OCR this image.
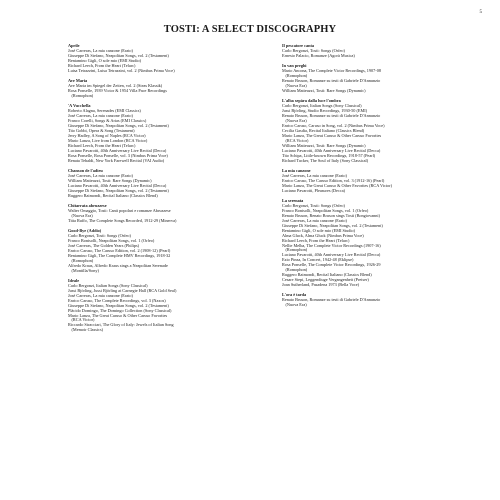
5
TOSTI: A SELECT DISCOGRAPHY
Aprile
José Carreras, La mia canzone (Erato)
Giuseppe Di Stefano, Neapolitan Songs, vol. 2 (Testament)
Beniamino Gigli, O sole mio (EMI Studio)
Richard Leech, From the Heart (Telarc)
Luisa Tetrazzini, Luisa Tetrazzini, vol. 2 (Nimbus Prima Voce)
Ave Maria
Ave Maria im Spiegel der Zeiten, vol. 2 (Sieas Klassik)
Rosa Ponselle, 1939 Victor & 1954 Villa Pace Recordings
(Romophon)
'A Vucchella
Roberto Alagna, Serenades (EMI Classics)
José Carreras, La mia canzone (Erato)
Franco Corelli, Songs & Arias (EMI Classics)
Giuseppe Di Stefano, Neapolitan Songs, vol. 2 (Testament)
Tito Gobbi, Opera & Song (Testament)
Jerry Hadley, A Song of Naples (RCA Victor)
Mario Lanza, Live from London (RCA Victor)
Richard Leech, From the Heart (Telarc)
Luciano Pavarotti, 40th Anniversary Live Recital (Decca)
Rosa Ponselle, Rosa Ponselle, vol. 3 (Nimbus Prima Voce)
Renata Tebaldi, New York Farewell Recital (VAI Audio)
Chanson de l'adieu
José Carreras, La mia canzone (Erato)
William Matteuzzi, Tosti: Rare Songs (Dynamic)
Luciano Pavarotti, 40th Anniversary Live Recital (Decca)
Giuseppe Di Stefano, Neapolitan Songs, vol. 2 (Testament)
Ruggero Raimondi, Recital Italiano (Classics Blend)
Chitarrata abruzzese
Walter Omaggio, Tosti: Canti popolari e romanze Abruzzese
(Nuova Era)
Titta Ruffo, The Complete Songs Recorded, 1912-29 (Minerva)
Good-Bye (Addio)
Carlo Bergonzi, Tosti: Songs (Orfeo)
Franco Bonisolli, Neapolitan Songs, vol. 1 (Orfeo)
José Carreras, The Golden Years (Philips)
Enrico Caruso, The Caruso Edition, vol. 2 (1908-12) (Pearl)
Beniamino Gigli, The Complete HMV Recordings, 1918-32
(Romophon)
Alfredo Kraus, Alfredo Kraus sings a Neapolitan Serenade
(Montilla/Sony)
Ideale
Carlo Bergonzi, Italian Songs (Sony Classical)
Jussi Björling, Jussi Björling at Carnegie Hall (RCA Gold Seal)
José Carreras, La mia canzone (Erato)
Enrico Caruso, The Complete Recordings, vol. 3 (Naxos)
Giuseppe Di Stefano, Neapolitan Songs, vol. 2 (Testament)
Plácido Domingo, The Domingo Collection (Sony Classical)
Mario Lanza, The Great Caruso & Other Caruso Favorites
(RCA Victor)
Riccardo Stracciari, The Glory of Italy: Jewels of Italian Song
(Memoir Classics)
Il pescatore canta
Carlo Bergonzi, Tosti: Songs (Orfeo)
Ernesto Palacio, Romanze (Agorà Musica)
In van preghi
Mario Ancona, The Complete Victor Recordings, 1907-08
(Romophon)
Renato Bruson, Romanze su testi di Gabriele D'Annunzio
(Nuova Era)
William Matteuzzi, Tosti: Rare Songs (Dynamic)
L'alba sepàra dalla luce l'ombra
Carlo Bergonzi, Italian Songs (Sony Classical)
Jussi Björling, Studio Recordings, 1930-50 (EMI)
Renato Bruson, Romanze su testi di Gabriele D'Annunzio
(Nuova Era)
Enrico Caruso, Caruso in Song, vol. 2 (Nimbus Prima Voce)
Cecilia Gasdia, Recital Italiano (Classics Blend)
Mario Lanza, The Great Caruso & Other Caruso Favorites
(RCA Victor)
William Matteuzzi, Tosti: Rare Songs (Dynamic)
Luciano Pavarotti, 40th Anniversary Live Recital (Decca)
Tito Schipa, Little-known Recordings, 1918-57 (Pearl)
Richard Tucker, The Soul of Italy (Sony Classical)
La mia canzone
José Carreras, La mia canzone (Erato)
Enrico Caruso, The Caruso Edition, vol. 3 (1912-16) (Pearl)
Mario Lanza, The Great Caruso & Other Favorites (RCA Victor)
Luciano Pavarotti, Pleasures (Decca)
La serenata
Carlo Bergonzi, Tosti: Songs (Orfeo)
Franco Bonisolli, Neapolitan Songs, vol. 1 (Orfeo)
Renato Bruson, Renato Bruson sings Tosti (Bongiovanni)
José Carreras, La mia canzone (Erato)
Giuseppe Di Stefano, Neapolitan Songs, vol. 2 (Testament)
Beniamino Gigli, O sole mio (EMI Studio)
Alma Gluck, Alma Gluck (Nimbus Prima Voce)
Richard Leech, From the Heart (Telarc)
Nellie Melba, The Complete Victor Recordings (1907-16)
(Romophon)
Luciano Pavarotti, 40th Anniversary Live Recital (Decca)
Ezio Pinza, In Concert, 1942-48 (Eklipse)
Rosa Ponselle, The Complete Victor Recordings, 1926-29
(Romophon)
Ruggero Raimondi, Recital Italiano (Classics Blend)
Cesare Siepi, Leggendiuge Vergangenheit (Preiser)
Joan Sutherland, Pasadena 1973 (Bella Voce)
L'ora è tarda
Renato Bruson, Romanze su testi di Gabriele D'Annunzio
(Nuova Era)
